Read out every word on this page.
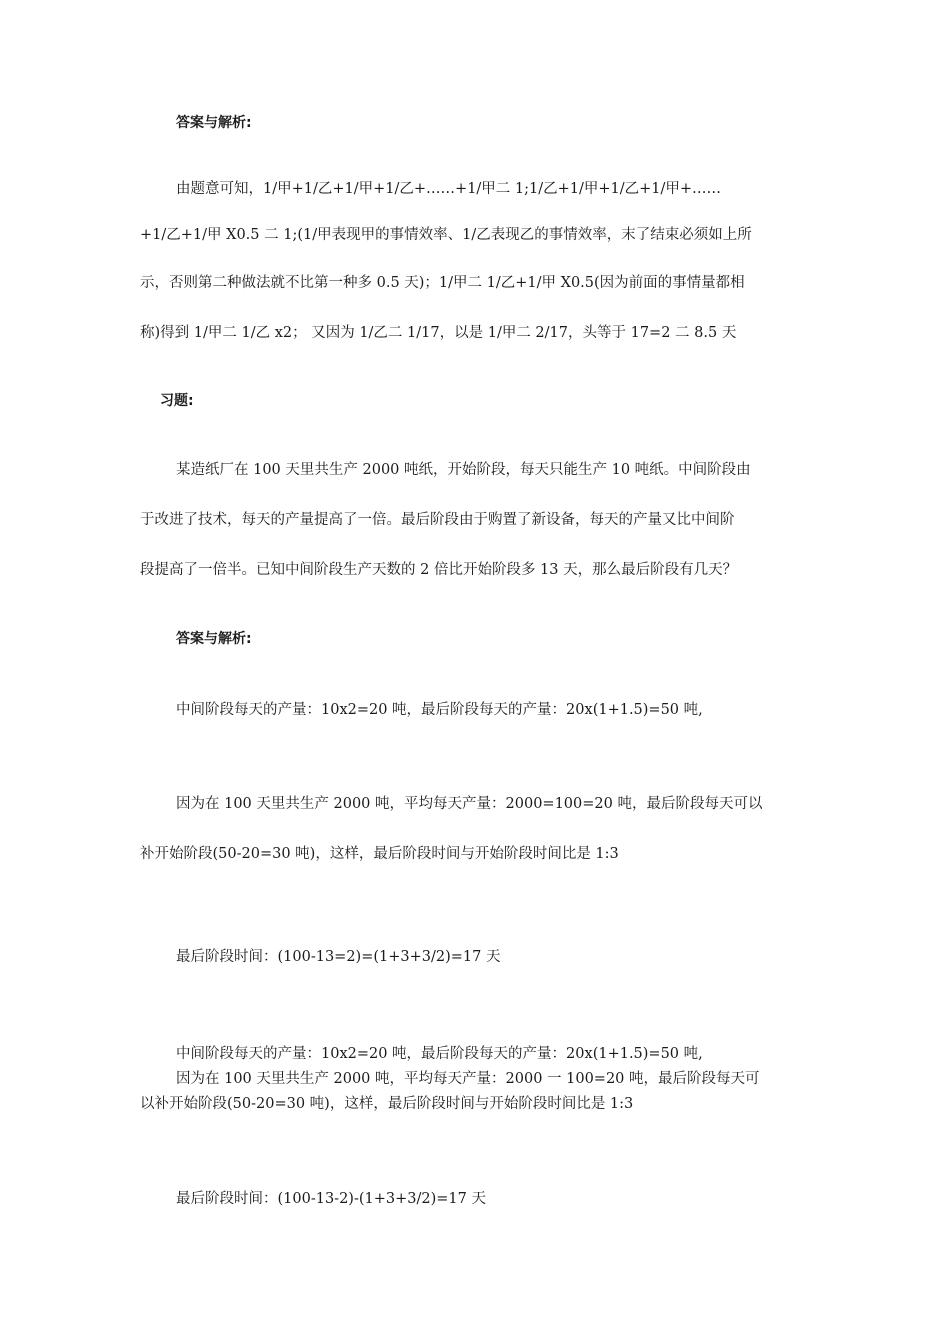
答案与解析:
由题意可知，1/甲+1/乙+1/甲+1/乙+……+1/甲二 1;1/乙+1/甲+1/乙+1/甲+……
+1/乙+1/甲 X0.5 二 1;(1/甲表现甲的事情效率、1/乙表现乙的事情效率，末了结束必须如上所
示，否则第二种做法就不比第一种多 0.5 天)；1/甲二 1/乙+1/甲 X0.5(因为前面的事情量都相
称)得到 1/甲二 1/乙 x2； 又因为 1/乙二 1/17，以是 1/甲二 2/17，头等于 17=2 二 8.5 天
习题:
某造纸厂在 100 天里共生产 2000 吨纸，开始阶段，每天只能生产 10 吨纸。中间阶段由
于改进了技术，每天的产量提高了一倍。最后阶段由于购置了新设备，每天的产量又比中间阶
段提高了一倍半。已知中间阶段生产天数的 2 倍比开始阶段多 13 天，那么最后阶段有几天？
答案与解析:
中间阶段每天的产量：10x2=20 吨，最后阶段每天的产量：20x(1+1.5)=50 吨,
因为在 100 天里共生产 2000 吨，平均每天产量：2000=100=20 吨，最后阶段每天可以
补开始阶段(50-20=30 吨)，这样，最后阶段时间与开始阶段时间比是 1:3
最后阶段时间：(100-13=2)=(1+3+3/2)=17 天
中间阶段每天的产量：10x2=20 吨，最后阶段每天的产量：20x(1+1.5)=50 吨,
因为在 100 天里共生产 2000 吨，平均每天产量：2000 一 100=20 吨，最后阶段每天可
以补开始阶段(50-20=30 吨)，这样，最后阶段时间与开始阶段时间比是 1:3
最后阶段时间：(100-13-2)-(1+3+3/2)=17 天
